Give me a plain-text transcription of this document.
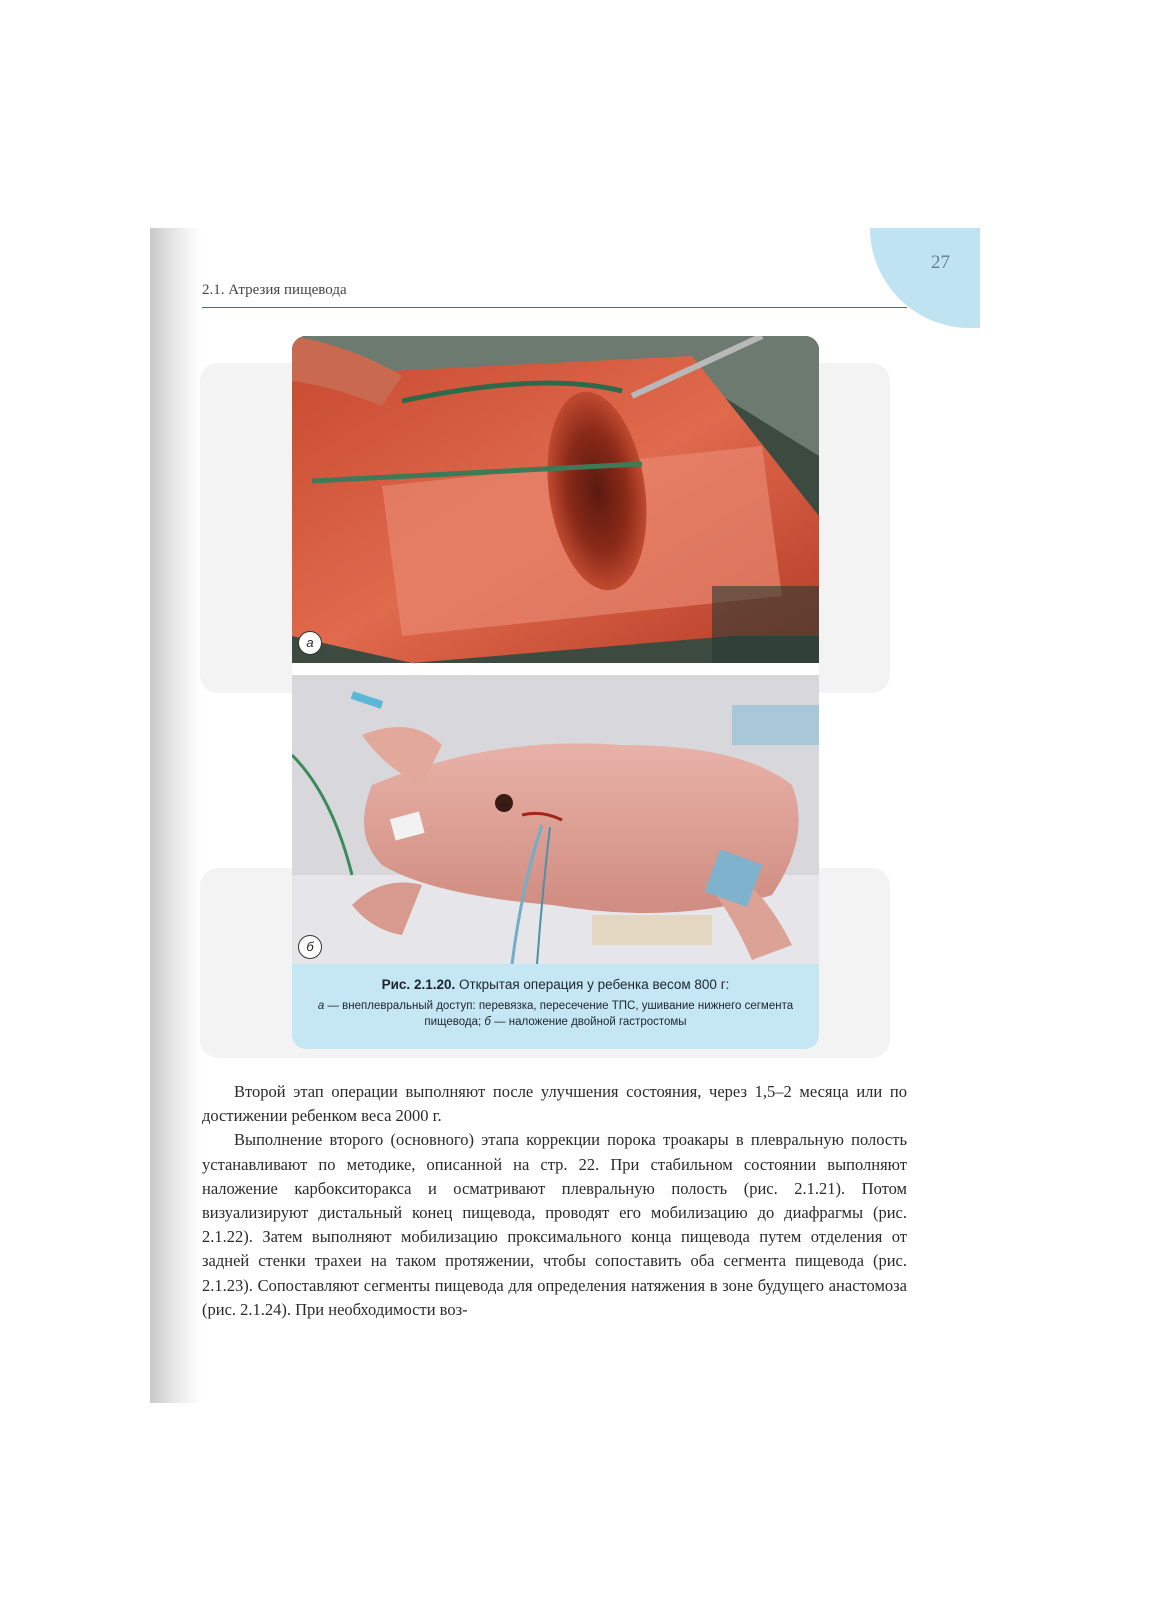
27
2.1. Атрезия пищевода
а
б
Рис. 2.1.20. Открытая операция у ребенка весом 800 г:
а — внеплевральный доступ: перевязка, пересечение ТПС, ушивание нижнего сегмента пищевода; б — наложение двойной гастростомы

Второй этап операции выполняют после улучшения состояния, через 1,5–2 месяца или по достижении ребенком веса 2000 г.

Выполнение второго (основного) этапа коррекции порока троакары в плевральную полость устанавливают по методике, описанной на стр. 22. При стабильном состоянии выполняют наложение карбокситоракса и осматривают плевральную полость (рис. 2.1.21). Потом визуализируют дистальный конец пищевода, проводят его мобилизацию до диафрагмы (рис. 2.1.22). Затем выполняют мобилизацию проксимального конца пищевода путем отделения от задней стенки трахеи на таком протяжении, чтобы сопоставить оба сегмента пищевода (рис. 2.1.23). Сопоставляют сегменты пищевода для определения натяжения в зоне будущего анастомоза (рис. 2.1.24). При необходимости воз-
